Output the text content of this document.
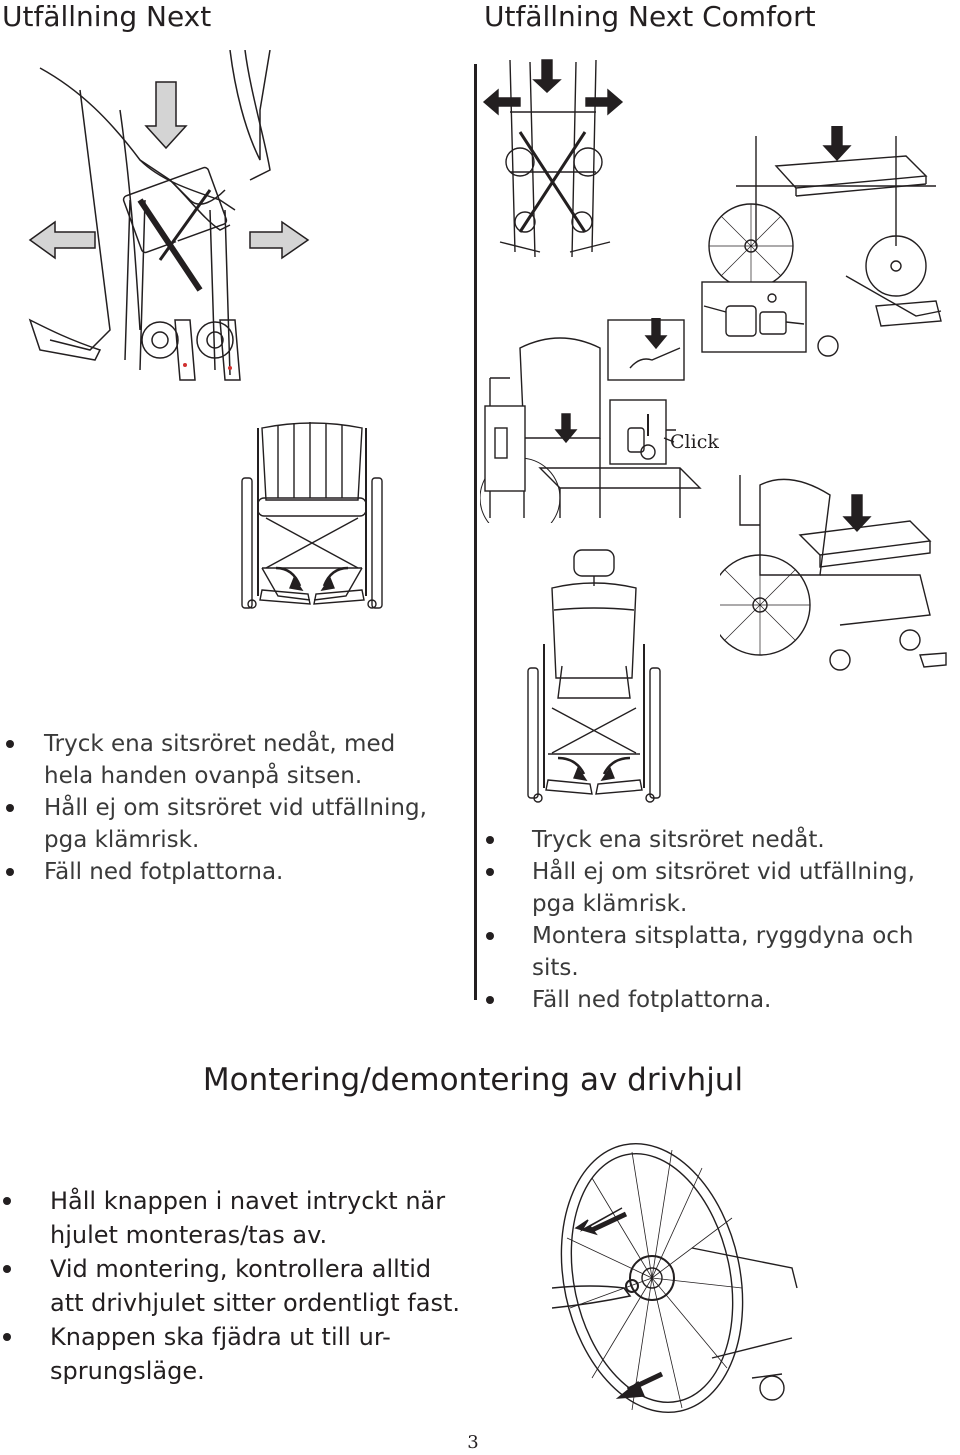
Utfällning Next	Utfällning Next Comfort
Click
Tryck ena sitsröret nedåt, med hela handen ovanpå sitsen.
Håll ej om sitsröret vid utfällning, pga klämrisk.
Fäll ned fotplattorna.
Tryck ena sitsröret nedåt.
Håll ej om sitsröret vid utfällning, pga klämrisk.
Montera sitsplatta, ryggdyna och sits.
Fäll ned fotplattorna.
Montering/demontering av drivhjul
Håll knappen i navet intryckt när hjulet monteras/tas av.
Vid montering, kontrollera alltid att drivhjulet sitter ordentligt fast.
Knappen ska fjädra ut till ur-sprungsläge.
3
